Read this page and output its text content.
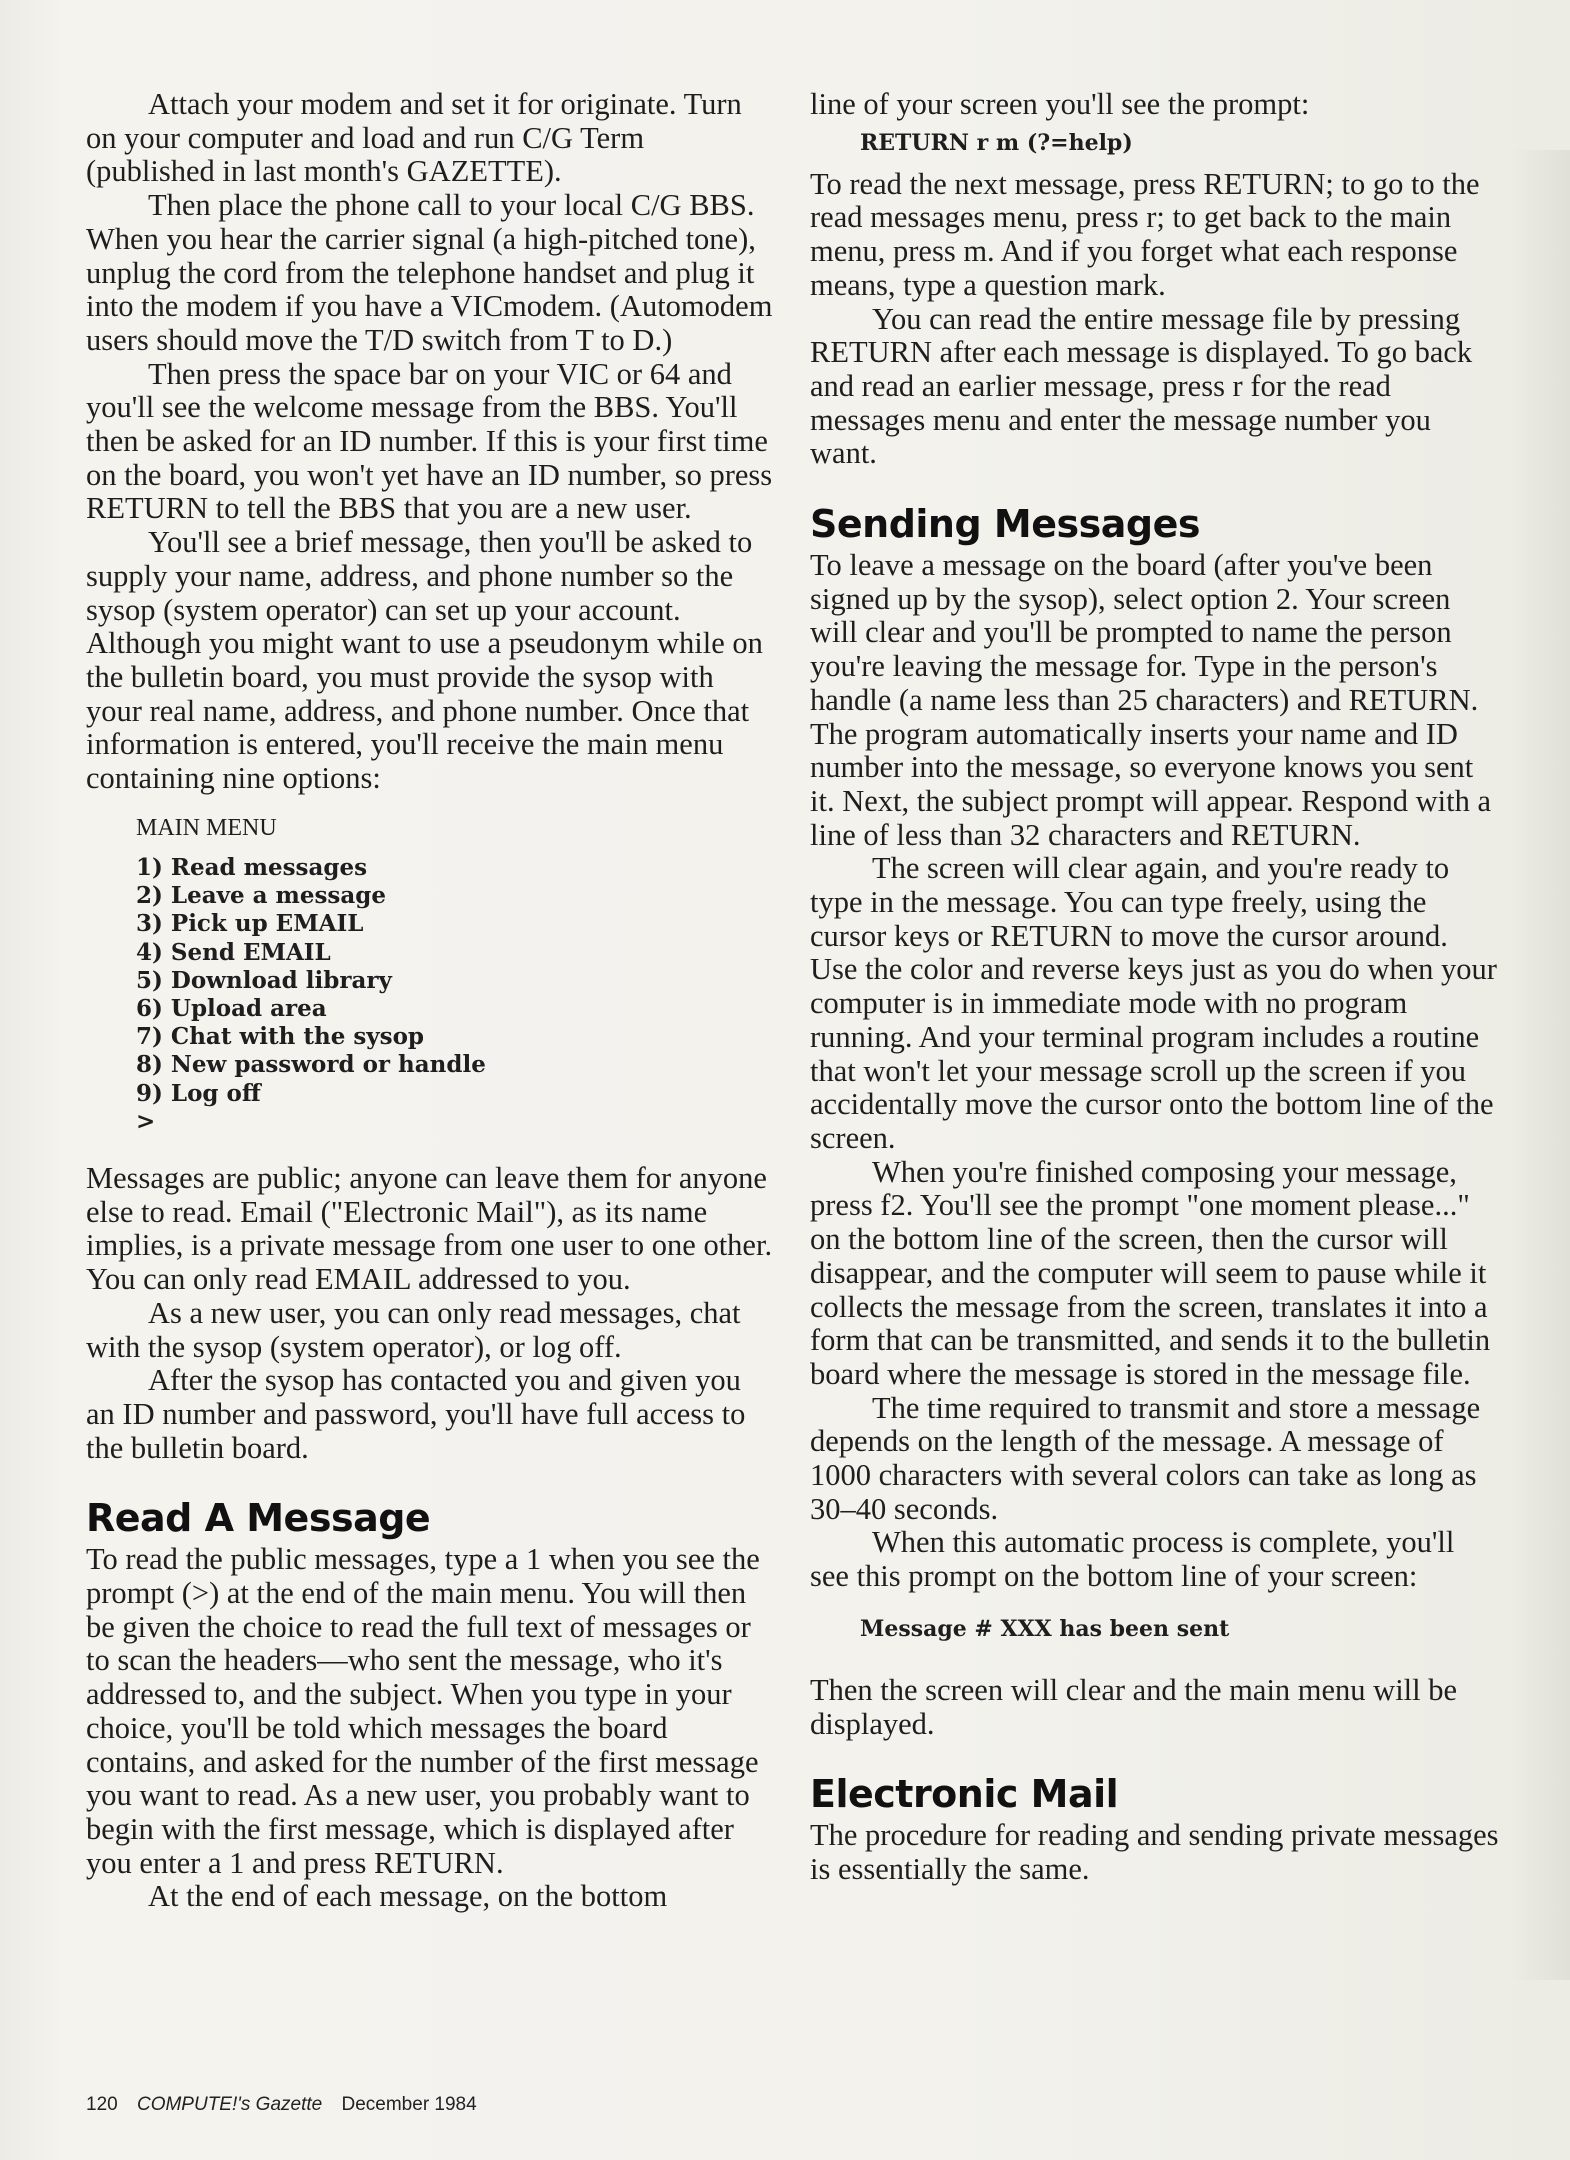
Attach your modem and set it for originate. Turn on your computer and load and run C/G Term (published in last month's GAZETTE).

Then place the phone call to your local C/G BBS. When you hear the carrier signal (a high-pitched tone), unplug the cord from the telephone handset and plug it into the modem if you have a VICmodem. (Automodem users should move the T/D switch from T to D.)

Then press the space bar on your VIC or 64 and you'll see the welcome message from the BBS. You'll then be asked for an ID number. If this is your first time on the board, you won't yet have an ID number, so press RETURN to tell the BBS that you are a new user.

You'll see a brief message, then you'll be asked to supply your name, address, and phone number so the sysop (system operator) can set up your account. Although you might want to use a pseudonym while on the bulletin board, you must provide the sysop with your real name, address, and phone number. Once that information is entered, you'll receive the main menu containing nine options:

MAIN MENU
1) Read messages
2) Leave a message
3) Pick up EMAIL
4) Send EMAIL
5) Download library
6) Upload area
7) Chat with the sysop
8) New password or handle
9) Log off
>

Messages are public; anyone can leave them for anyone else to read. Email ("Electronic Mail"), as its name implies, is a private message from one user to one other. You can only read EMAIL addressed to you.

As a new user, you can only read messages, chat with the sysop (system operator), or log off.

After the sysop has contacted you and given you an ID number and password, you'll have full access to the bulletin board.

Read A Message

To read the public messages, type a 1 when you see the prompt (>) at the end of the main menu. You will then be given the choice to read the full text of messages or to scan the headers—who sent the message, who it's addressed to, and the subject. When you type in your choice, you'll be told which messages the board contains, and asked for the number of the first message you want to read. As a new user, you probably want to begin with the first message, which is displayed after you enter a 1 and press RETURN.

At the end of each message, on the bottom

line of your screen you'll see the prompt:

RETURN r m (?=help)

To read the next message, press RETURN; to go to the read messages menu, press r; to get back to the main menu, press m. And if you forget what each response means, type a question mark.

You can read the entire message file by pressing RETURN after each message is displayed. To go back and read an earlier message, press r for the read messages menu and enter the message number you want.

Sending Messages

To leave a message on the board (after you've been signed up by the sysop), select option 2. Your screen will clear and you'll be prompted to name the person you're leaving the message for. Type in the person's handle (a name less than 25 characters) and RETURN. The program automatically inserts your name and ID number into the message, so everyone knows you sent it. Next, the subject prompt will appear. Respond with a line of less than 32 characters and RETURN.

The screen will clear again, and you're ready to type in the message. You can type freely, using the cursor keys or RETURN to move the cursor around. Use the color and reverse keys just as you do when your computer is in immediate mode with no program running. And your terminal program includes a routine that won't let your message scroll up the screen if you accidentally move the cursor onto the bottom line of the screen.

When you're finished composing your message, press f2. You'll see the prompt "one moment please..." on the bottom line of the screen, then the cursor will disappear, and the computer will seem to pause while it collects the message from the screen, translates it into a form that can be transmitted, and sends it to the bulletin board where the message is stored in the message file.

The time required to transmit and store a message depends on the length of the message. A message of 1000 characters with several colors can take as long as 30–40 seconds.

When this automatic process is complete, you'll see this prompt on the bottom line of your screen:

Message # XXX has been sent

Then the screen will clear and the main menu will be displayed.

Electronic Mail

The procedure for reading and sending private messages is essentially the same.

120 COMPUTE!'s Gazette December 1984
